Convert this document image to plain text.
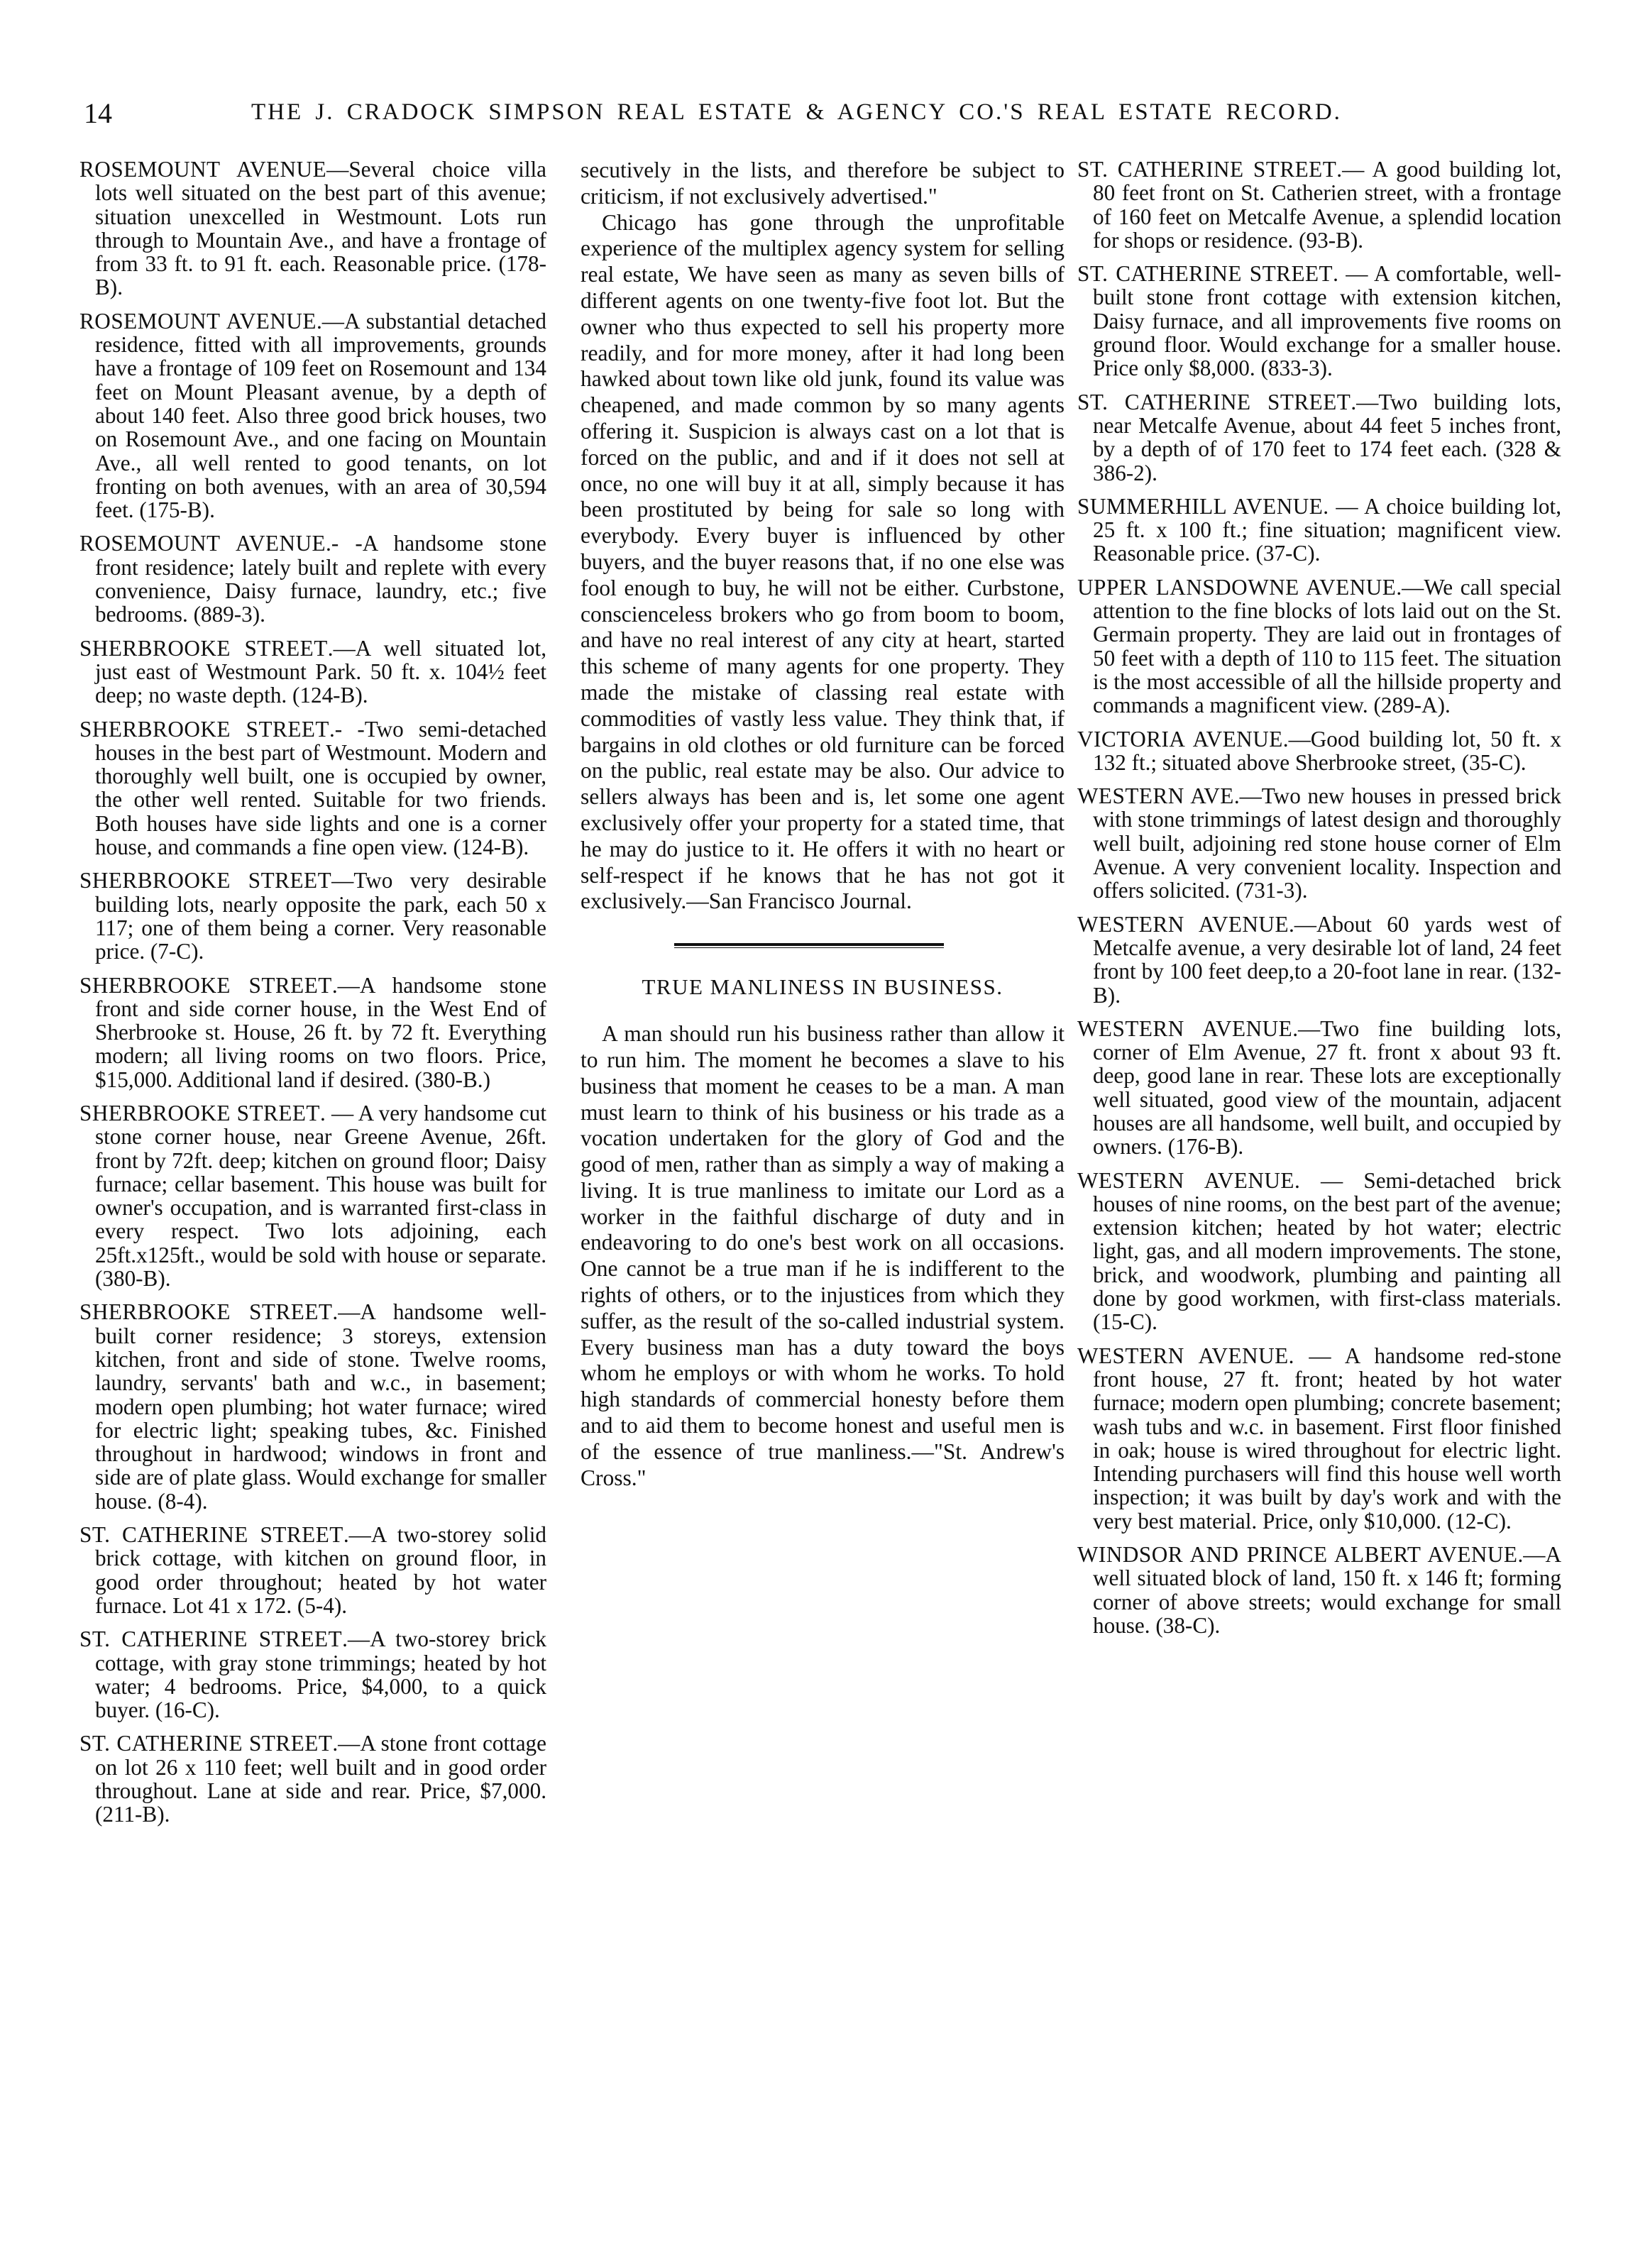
14	THE J. CRADOCK SIMPSON REAL ESTATE & AGENCY CO.'S REAL ESTATE RECORD.

ROSEMOUNT AVENUE—Several choice villa lots well situated on the best part of this avenue; situation unexcelled in Westmount. Lots run through to Mountain Ave., and have a frontage of from 33 ft. to 91 ft. each. Reasonable price. (178-B).

ROSEMOUNT AVENUE.—A substantial detached residence, fitted with all improvements, grounds have a frontage of 109 feet on Rosemount and 134 feet on Mount Pleasant avenue, by a depth of about 140 feet. Also three good brick houses, two on Rosemount Ave., and one facing on Mountain Ave., all well rented to good tenants, on lot fronting on both avenues, with an area of 30,594 feet. (175-B).

ROSEMOUNT AVENUE.- -A handsome stone front residence; lately built and replete with every convenience, Daisy furnace, laundry, etc.; five bedrooms. (889-3).

SHERBROOKE STREET.—A well situated lot, just east of Westmount Park. 50 ft. x. 104½ feet deep; no waste depth. (124-B).

SHERBROOKE STREET.- -Two semi-detached houses in the best part of Westmount. Modern and thoroughly well built, one is occupied by owner, the other well rented. Suitable for two friends. Both houses have side lights and one is a corner house, and commands a fine open view. (124-B).

SHERBROOKE STREET—Two very desirable building lots, nearly opposite the park, each 50 x 117; one of them being a corner. Very reasonable price. (7-C).

SHERBROOKE STREET.—A handsome stone front and side corner house, in the West End of Sherbrooke st. House, 26 ft. by 72 ft. Everything modern; all living rooms on two floors. Price, $15,000. Additional land if desired. (380-B.)

SHERBROOKE STREET. — A very handsome cut stone corner house, near Greene Avenue, 26ft. front by 72ft. deep; kitchen on ground floor; Daisy furnace; cellar basement. This house was built for owner's occupation, and is warranted first-class in every respect. Two lots adjoining, each 25ft.x125ft., would be sold with house or separate. (380-B).

SHERBROOKE STREET.—A handsome well-built corner residence; 3 storeys, extension kitchen, front and side of stone. Twelve rooms, laundry, servants' bath and w.c., in basement; modern open plumbing; hot water furnace; wired for electric light; speaking tubes, &c. Finished throughout in hardwood; windows in front and side are of plate glass. Would exchange for smaller house. (8-4).

ST. CATHERINE STREET.—A two-storey solid brick cottage, with kitchen on ground floor, in good order throughout; heated by hot water furnace. Lot 41 x 172. (5-4).

ST. CATHERINE STREET.—A two-storey brick cottage, with gray stone trimmings; heated by hot water; 4 bedrooms. Price, $4,000, to a quick buyer. (16-C).

ST. CATHERINE STREET.—A stone front cottage on lot 26 x 110 feet; well built and in good order throughout. Lane at side and rear. Price, $7,000. (211-B).

secutively in the lists, and therefore be subject to criticism, if not exclusively advertised."

Chicago has gone through the unprofitable experience of the multiplex agency system for selling real estate, We have seen as many as seven bills of different agents on one twenty-five foot lot. But the owner who thus expected to sell his property more readily, and for more money, after it had long been hawked about town like old junk, found its value was cheapened, and made common by so many agents offering it. Suspicion is always cast on a lot that is forced on the public, and and if it does not sell at once, no one will buy it at all, simply because it has been prostituted by being for sale so long with everybody. Every buyer is influenced by other buyers, and the buyer reasons that, if no one else was fool enough to buy, he will not be either. Curbstone, conscienceless brokers who go from boom to boom, and have no real interest of any city at heart, started this scheme of many agents for one property. They made the mistake of classing real estate with commodities of vastly less value. They think that, if bargains in old clothes or old furniture can be forced on the public, real estate may be also. Our advice to sellers always has been and is, let some one agent exclusively offer your property for a stated time, that he may do justice to it. He offers it with no heart or self-respect if he knows that he has not got it exclusively.—San Francisco Journal.

TRUE MANLINESS IN BUSINESS.

A man should run his business rather than allow it to run him. The moment he becomes a slave to his business that moment he ceases to be a man. A man must learn to think of his business or his trade as a vocation undertaken for the glory of God and the good of men, rather than as simply a way of making a living. It is true manliness to imitate our Lord as a worker in the faithful discharge of duty and in endeavoring to do one's best work on all occasions. One cannot be a true man if he is indifferent to the rights of others, or to the injustices from which they suffer, as the result of the so-called industrial system. Every business man has a duty toward the boys whom he employs or with whom he works. To hold high standards of commercial honesty before them and to aid them to become honest and useful men is of the essence of true manliness.—"St. Andrew's Cross."

ST. CATHERINE STREET.— A good building lot, 80 feet front on St. Catherien street, with a frontage of 160 feet on Metcalfe Avenue, a splendid location for shops or residence. (93-B).

ST. CATHERINE STREET. — A comfortable, well-built stone front cottage with extension kitchen, Daisy furnace, and all improvements five rooms on ground floor. Would exchange for a smaller house. Price only $8,000. (833-3).

ST. CATHERINE STREET.—Two building lots, near Metcalfe Avenue, about 44 feet 5 inches front, by a depth of of 170 feet to 174 feet each. (328 & 386-2).

SUMMERHILL AVENUE. — A choice building lot, 25 ft. x 100 ft.; fine situation; magnificent view. Reasonable price. (37-C).

UPPER LANSDOWNE AVENUE.—We call special attention to the fine blocks of lots laid out on the St. Germain property. They are laid out in frontages of 50 feet with a depth of 110 to 115 feet. The situation is the most accessible of all the hillside property and commands a magnificent view. (289-A).

VICTORIA AVENUE.—Good building lot, 50 ft. x 132 ft.; situated above Sherbrooke street, (35-C).

WESTERN AVE.—Two new houses in pressed brick with stone trimmings of latest design and thoroughly well built, adjoining red stone house corner of Elm Avenue. A very convenient locality. Inspection and offers solicited. (731-3).

WESTERN AVENUE.—About 60 yards west of Metcalfe avenue, a very desirable lot of land, 24 feet front by 100 feet deep,to a 20-foot lane in rear. (132-B).

WESTERN AVENUE.—Two fine building lots, corner of Elm Avenue, 27 ft. front x about 93 ft. deep, good lane in rear. These lots are exceptionally well situated, good view of the mountain, adjacent houses are all handsome, well built, and occupied by owners. (176-B).

WESTERN AVENUE. — Semi-detached brick houses of nine rooms, on the best part of the avenue; extension kitchen; heated by hot water; electric light, gas, and all modern improvements. The stone, brick, and woodwork, plumbing and painting all done by good workmen, with first-class materials. (15-C).

WESTERN AVENUE. — A handsome red-stone front house, 27 ft. front; heated by hot water furnace; modern open plumbing; concrete basement; wash tubs and w.c. in basement. First floor finished in oak; house is wired throughout for electric light. Intending purchasers will find this house well worth inspection; it was built by day's work and with the very best material. Price, only $10,000. (12-C).

WINDSOR AND PRINCE ALBERT AVENUE.—A well situated block of land, 150 ft. x 146 ft; forming corner of above streets; would exchange for small house. (38-C).
